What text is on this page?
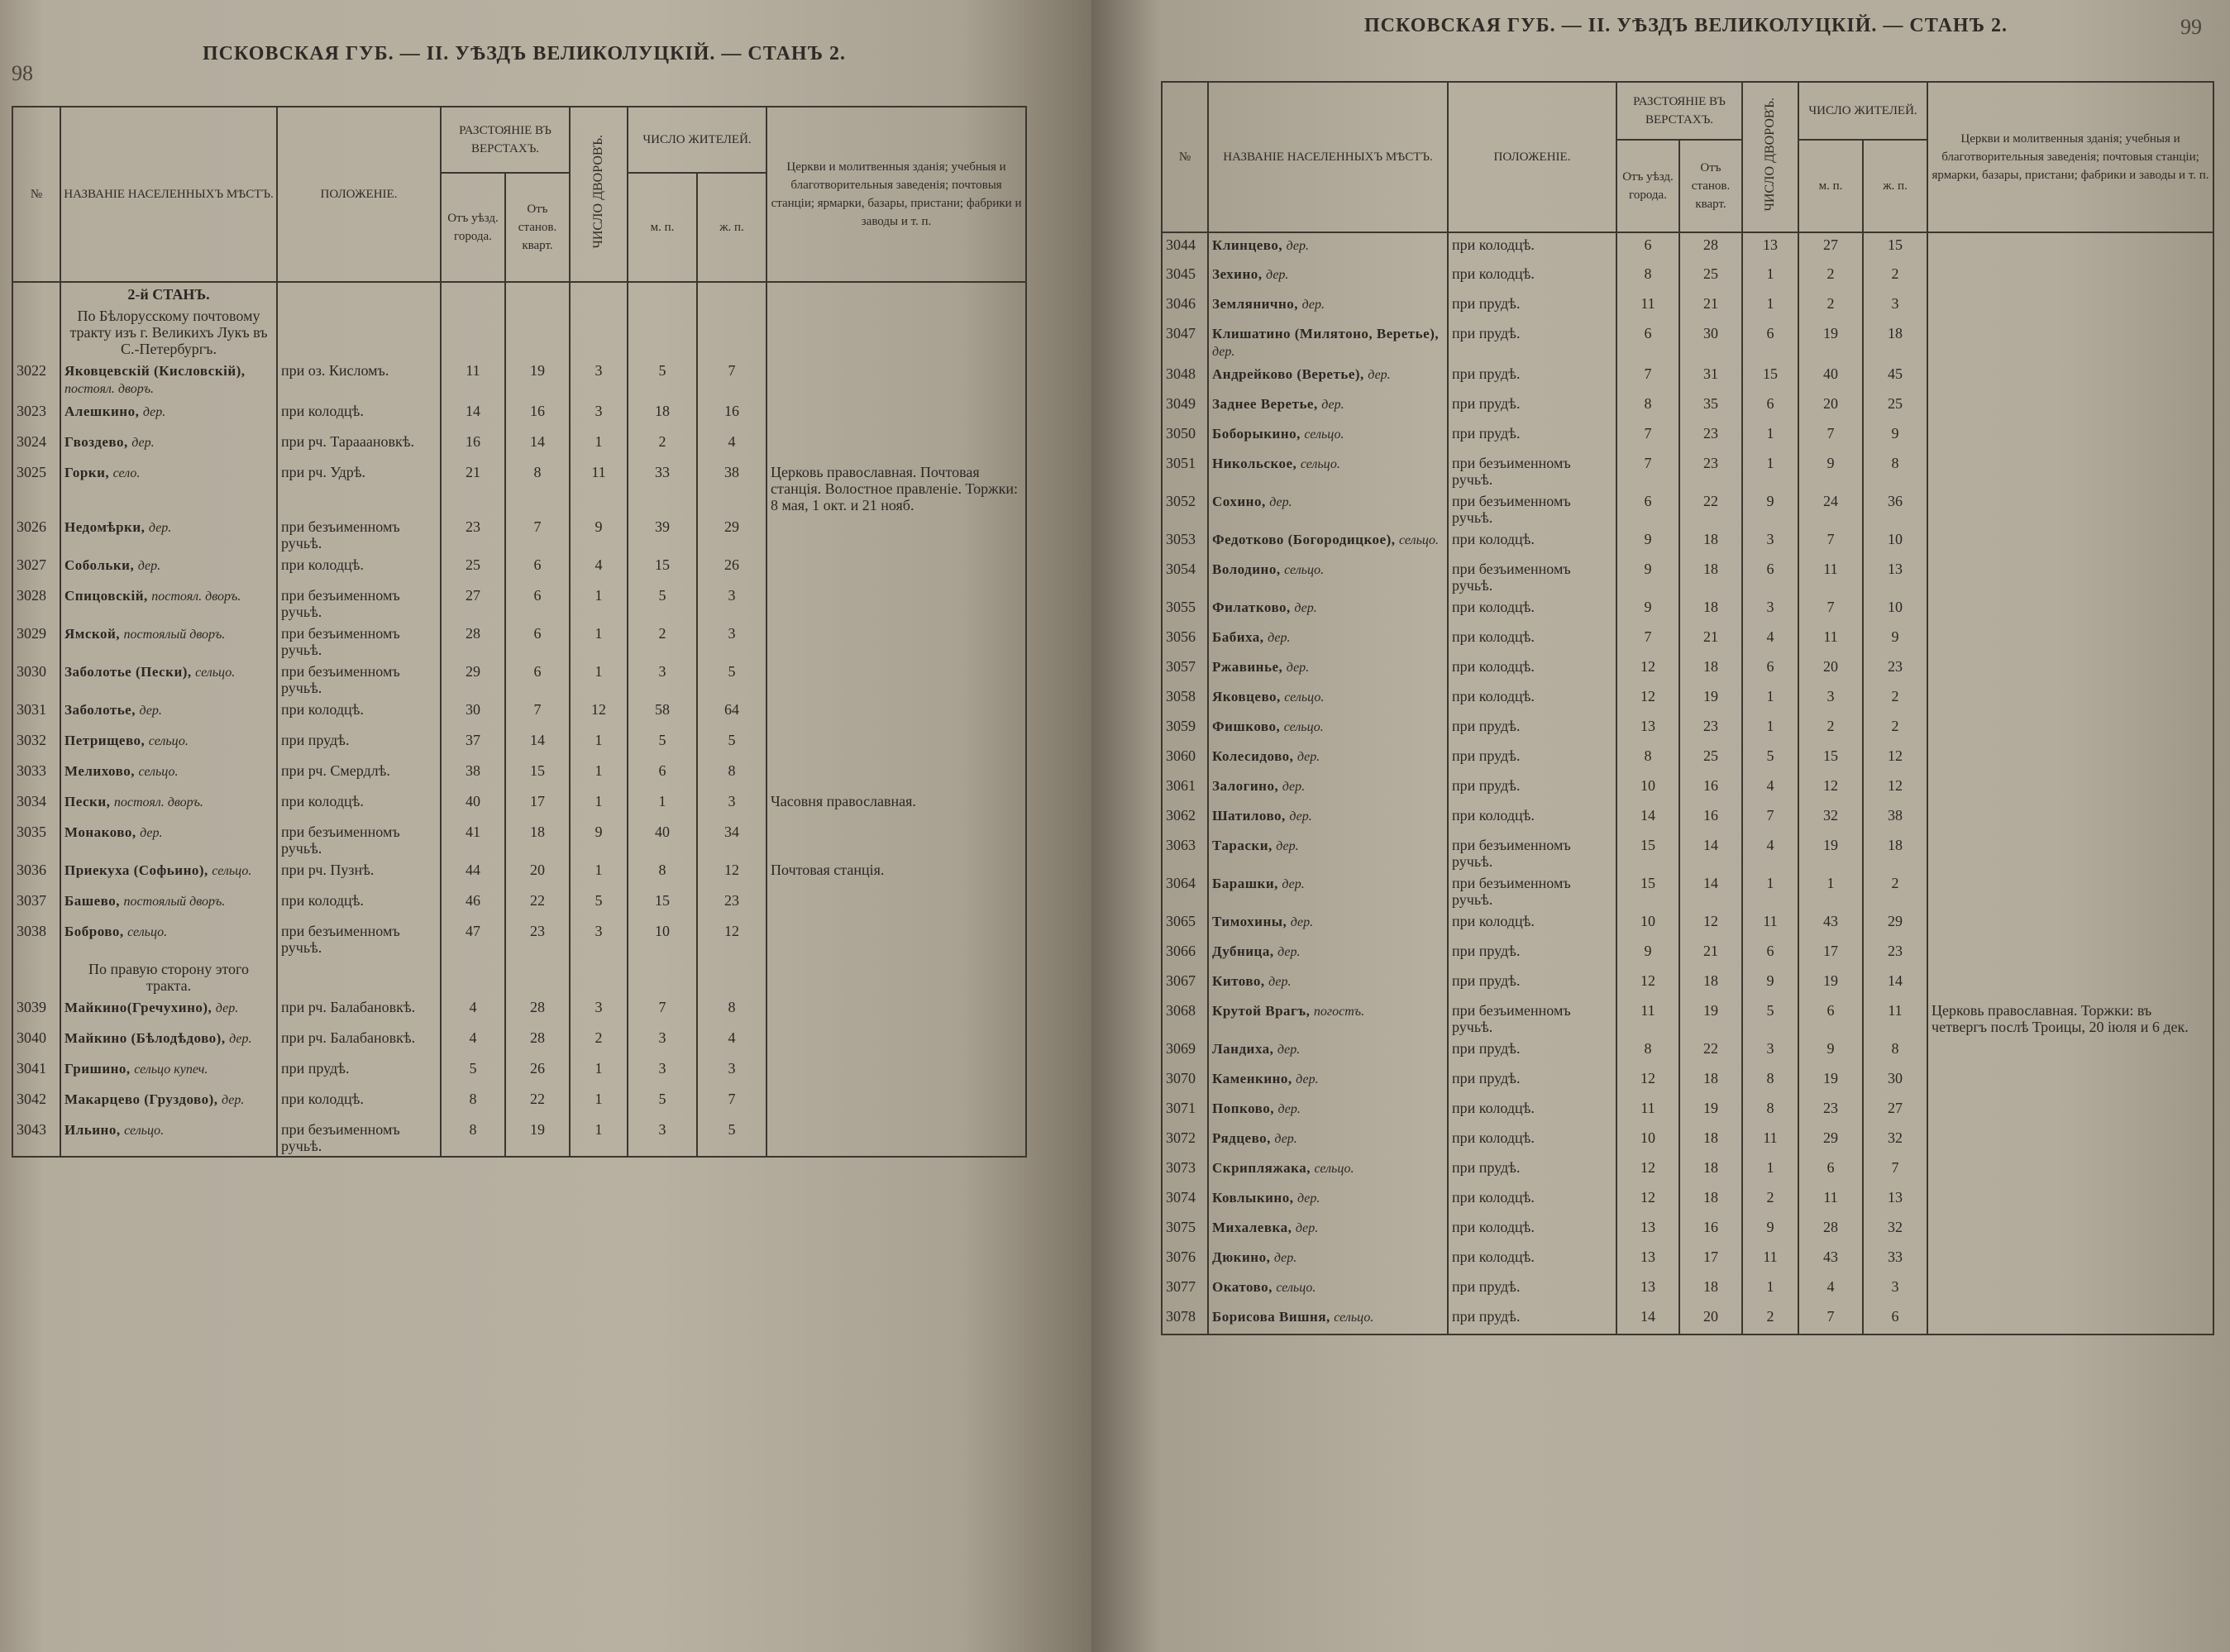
98
ПСКОВСКАЯ ГУБ. — II. УѢЗДЪ ВЕЛИКОЛУЦКІЙ. — СТАНЪ 2.
№	НАЗВАНІЕ НАСЕЛЕННЫХЪ МѢСТЪ.	ПОЛОЖЕНІЕ.	РАЗСТОЯНІЕ ВЪ ВЕРСТАХЪ.		ЧИСЛО ДВОРОВЪ.	ЧИСЛО ЖИТЕЛЕЙ.		Церкви и молитвенныя зданія; учебныя и благотворительныя заведенія; почтовыя станціи; ярмарки, базары, пристани; фабрики и заводы и т. п.
			Отъ уѣзд. города.	Отъ станов. кварт.		м. п.	ж. п.	
	2-й СТАНЪ.							
	По Бѣлорусскому почтовому тракту изъ г. Великихъ Лукъ въ С.-Петербургъ.							
3022	Яковцевскій (Кисловскій), постоял. дворъ.	при оз. Кисломъ.	11	19	3	5	7	
3023	Алешкино, дер.	при колодцѣ.	14	16	3	18	16	
3024	Гвоздево, дер.	при рч. Тарааановкѣ.	16	14	1	2	4	
3025	Горки, село.	при рч. Удрѣ.	21	8	11	33	38	Церковь православная. Почтовая станція. Волостное правленіе. Торжки: 8 мая, 1 окт. и 21 нояб.
3026	Недомѣрки, дер.	при безъименномъ ручьѣ.	23	7	9	39	29	
3027	Собольки, дер.	при колодцѣ.	25	6	4	15	26	
3028	Спицовскій, постоял. дворъ.	при безъименномъ ручьѣ.	27	6	1	5	3	
3029	Ямской, постоялый дворъ.	при безъименномъ ручьѣ.	28	6	1	2	3	
3030	Заболотье (Пески), сельцо.	при безъименномъ ручьѣ.	29	6	1	3	5	
3031	Заболотье, дер.	при колодцѣ.	30	7	12	58	64	
3032	Петрищево, сельцо.	при прудѣ.	37	14	1	5	5	
3033	Мелихово, сельцо.	при рч. Смердлѣ.	38	15	1	6	8	
3034	Пески, постоял. дворъ.	при колодцѣ.	40	17	1	1	3	Часовня православная.
3035	Монаково, дер.	при безъименномъ ручьѣ.	41	18	9	40	34	
3036	Приекуха (Софьино), сельцо.	при рч. Пузнѣ.	44	20	1	8	12	Почтовая станція.
3037	Башево, постоялый дворъ.	при колодцѣ.	46	22	5	15	23	
3038	Боброво, сельцо.	при безъименномъ ручьѣ.	47	23	3	10	12	
	По правую сторону этого тракта.							
3039	Майкино(Гречухино), дер.	при рч. Балабановкѣ.	4	28	3	7	8	
3040	Майкино (Бѣлодѣдово), дер.	при рч. Балабановкѣ.	4	28	2	3	4	
3041	Гришино, сельцо купеч.	при прудѣ.	5	26	1	3	3	
3042	Макарцево (Груздово), дер.	при колодцѣ.	8	22	1	5	7	
3043	Ильино, сельцо.	при безъименномъ ручьѣ.	8	19	1	3	5	
ПСКОВСКАЯ ГУБ. — II. УѢЗДЪ ВЕЛИКОЛУЦКІЙ. — СТАНЪ 2.	99
№	НАЗВАНІЕ НАСЕЛЕННЫХЪ МѢСТЪ.	ПОЛОЖЕНІЕ.	РАЗСТОЯНІЕ ВЪ ВЕРСТАХЪ.		ЧИСЛО ДВОРОВЪ.	ЧИСЛО ЖИТЕЛЕЙ.		Церкви и молитвенныя зданія; учебныя и благотворительныя заведенія; почтовыя станціи; ярмарки, базары, пристани; фабрики и заводы и т. п.
			Отъ уѣзд. города.	Отъ станов. кварт.		м. п.	ж. п.	
3044	Клинцево, дер.	при колодцѣ.	6	28	13	27	15	
3045	Зехино, дер.	при колодцѣ.	8	25	1	2	2	
3046	Землянично, дер.	при прудѣ.	11	21	1	2	3	
3047	Клишатино (Милятоно, Веретье), дер.	при прудѣ.	6	30	6	19	18	
3048	Андрейково (Веретье), дер.	при прудѣ.	7	31	15	40	45	
3049	Заднее Веретье, дер.	при прудѣ.	8	35	6	20	25	
3050	Боборыкино, сельцо.	при прудѣ.	7	23	1	7	9	
3051	Никольское, сельцо.	при безъименномъ ручьѣ.	7	23	1	9	8	
3052	Сохино, дер.	при безъименномъ ручьѣ.	6	22	9	24	36	
3053	Федотково (Богородицкое), сельцо.	при колодцѣ.	9	18	3	7	10	
3054	Володино, сельцо.	при безъименномъ ручьѣ.	9	18	6	11	13	
3055	Филатково, дер.	при колодцѣ.	9	18	3	7	10	
3056	Бабиха, дер.	при колодцѣ.	7	21	4	11	9	
3057	Ржавинье, дер.	при колодцѣ.	12	18	6	20	23	
3058	Яковцево, сельцо.	при колодцѣ.	12	19	1	3	2	
3059	Фишково, сельцо.	при прудѣ.	13	23	1	2	2	
3060	Колесидово, дер.	при прудѣ.	8	25	5	15	12	
3061	Залогино, дер.	при прудѣ.	10	16	4	12	12	
3062	Шатилово, дер.	при колодцѣ.	14	16	7	32	38	
3063	Тараски, дер.	при безъименномъ ручьѣ.	15	14	4	19	18	
3064	Барашки, дер.	при безъименномъ ручьѣ.	15	14	1	1	2	
3065	Тимохины, дер.	при колодцѣ.	10	12	11	43	29	
3066	Дубница, дер.	при прудѣ.	9	21	6	17	23	
3067	Китово, дер.	при прудѣ.	12	18	9	19	14	
3068	Крутой Врагъ, погостъ.	при безъименномъ ручьѣ.	11	19	5	6	11	Церковь православная. Торжки: въ четвергъ послѣ Троицы, 20 іюля и 6 дек.
3069	Ландиха, дер.	при прудѣ.	8	22	3	9	8	
3070	Каменкино, дер.	при прудѣ.	12	18	8	19	30	
3071	Попково, дер.	при колодцѣ.	11	19	8	23	27	
3072	Рядцево, дер.	при колодцѣ.	10	18	11	29	32	
3073	Скрипляжака, сельцо.	при прудѣ.	12	18	1	6	7	
3074	Ковлыкино, дер.	при колодцѣ.	12	18	2	11	13	
3075	Михалевка, дер.	при колодцѣ.	13	16	9	28	32	
3076	Дюкино, дер.	при колодцѣ.	13	17	11	43	33	
3077	Окатово, сельцо.	при прудѣ.	13	18	1	4	3	
3078	Борисова Вишня, сельцо.	при прудѣ.	14	20	2	7	6	
